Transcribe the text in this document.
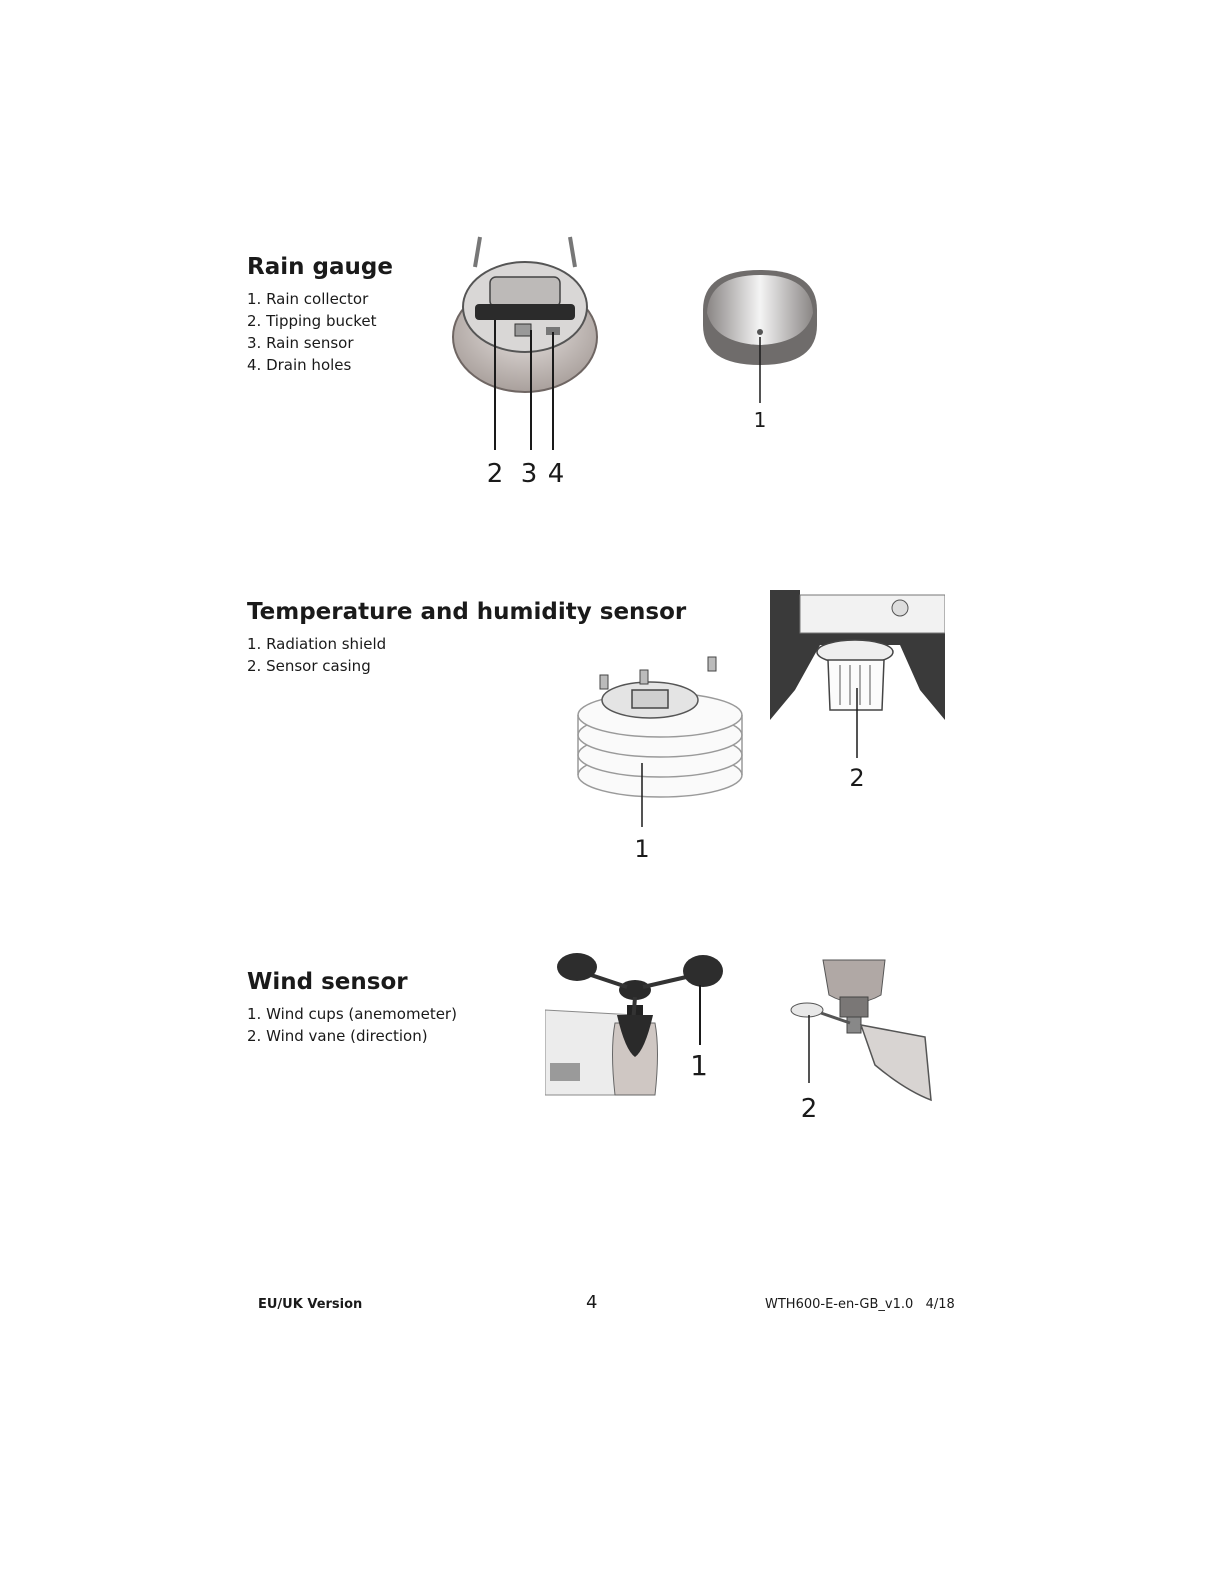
Rain gauge
1. Rain collector
2. Tipping bucket
3. Rain sensor
4. Drain holes
2 3 4
1
Temperature and humidity sensor
1. Radiation shield
2. Sensor casing
1
2
Wind sensor
1. Wind cups (anemometer)
2. Wind vane (direction)
1
2
EU/UK Version	4	WTH600-E-en-GB_v1.0   4/18
